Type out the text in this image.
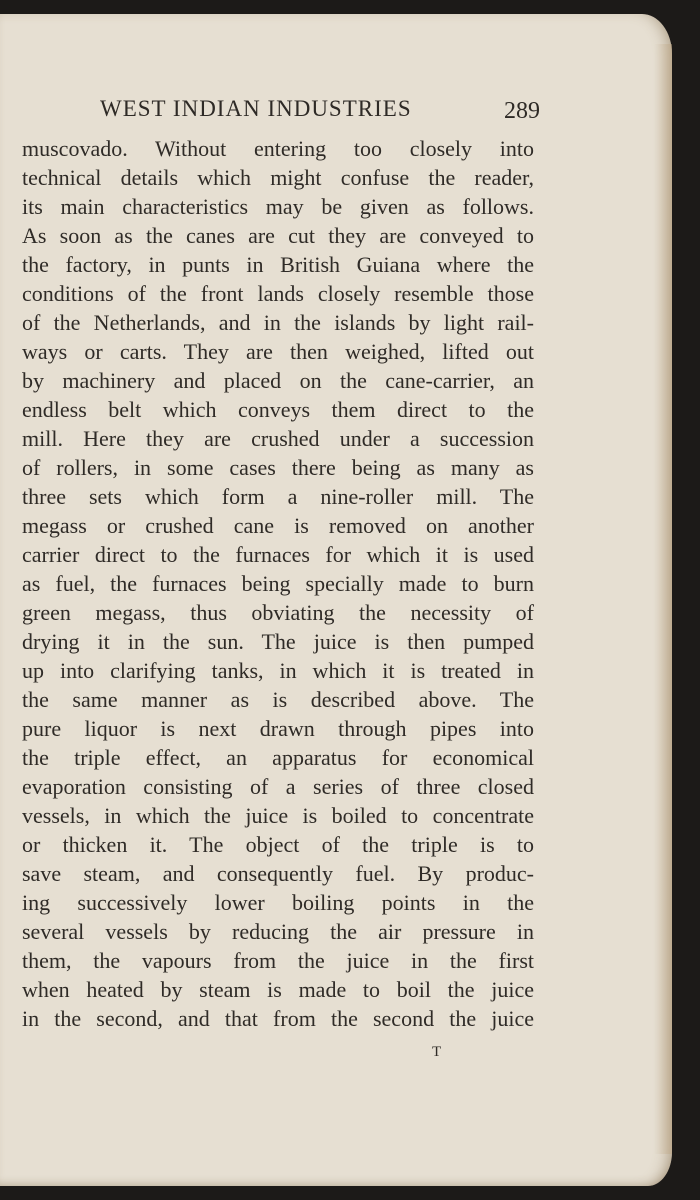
WEST INDIAN INDUSTRIES	289
muscovado. Without entering too closely into
technical details which might confuse the reader,
its main characteristics may be given as follows.
As soon as the canes are cut they are conveyed to
the factory, in punts in British Guiana where the
conditions of the front lands closely resemble those
of the Netherlands, and in the islands by light rail-
ways or carts. They are then weighed, lifted out
by machinery and placed on the cane-carrier, an
endless belt which conveys them direct to the
mill. Here they are crushed under a succession
of rollers, in some cases there being as many as
three sets which form a nine-roller mill. The
megass or crushed cane is removed on another
carrier direct to the furnaces for which it is used
as fuel, the furnaces being specially made to burn
green megass, thus obviating the necessity of
drying it in the sun. The juice is then pumped
up into clarifying tanks, in which it is treated in
the same manner as is described above. The
pure liquor is next drawn through pipes into
the triple effect, an apparatus for economical
evaporation consisting of a series of three closed
vessels, in which the juice is boiled to concentrate
or thicken it. The object of the triple is to
save steam, and consequently fuel. By produc-
ing successively lower boiling points in the
several vessels by reducing the air pressure in
them, the vapours from the juice in the first
when heated by steam is made to boil the juice
in the second, and that from the second the juice
T
